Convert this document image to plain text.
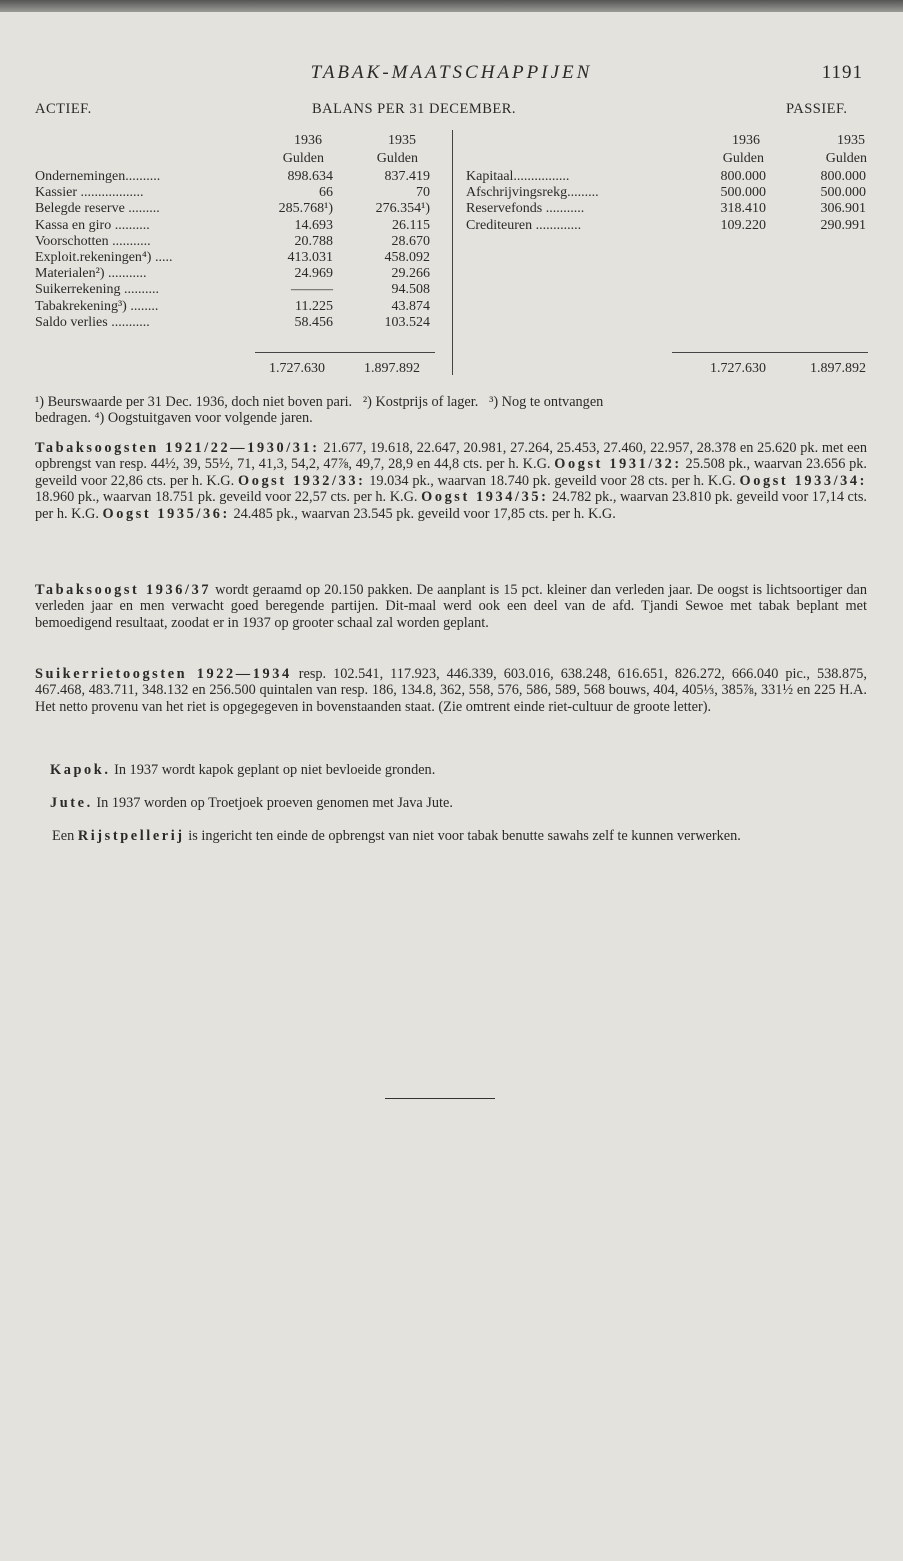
TABAK-MAATSCHAPPIJEN	1191
ACTIEF.	BALANS PER 31 DECEMBER.	PASSIEF.
1936	1935
Gulden	Gulden
1936	1935
Gulden	Gulden
Ondernemingen..........	898.634	837.419
Kassier ..................	66	70
Belegde reserve .........	285.768¹)	276.354¹)
Kassa en giro ..........	14.693	26.115
Voorschotten ...........	20.788	28.670
Exploit.rekeningen⁴) .....	413.031	458.092
Materialen²) ...........	24.969	29.266
Suikerrekening ..........	———	94.508
Tabakrekening³) ........	11.225	43.874
Saldo verlies ...........	58.456	103.524
Kapitaal................	800.000	800.000
Afschrijvingsrekg.........	500.000	500.000
Reservefonds ...........	318.410	306.901
Crediteuren .............	109.220	290.991
1.727.630	1.897.892	1.727.630	1.897.892
¹) Beurswaarde per 31 Dec. 1936, doch niet boven pari. ²) Kostprijs of lager. ³) Nog te ontvangen
bedragen. ⁴) Oogstuitgaven voor volgende jaren.
Tabaksoogsten 1921/22—1930/31: 21.677, 19.618, 22.647, 20.981, 27.264, 25.453, 27.460, 22.957, 28.378 en 25.620 pk. met een opbrengst van resp. 44½, 39, 55½, 71, 41,3, 54,2, 47⅞, 49,7, 28,9 en 44,8 cts. per h. K.G. Oogst 1931/32: 25.508 pk., waarvan 23.656 pk. geveild voor 22,86 cts. per h. K.G. Oogst 1932/33: 19.034 pk., waarvan 18.740 pk. geveild voor 28 cts. per h. K.G. Oogst 1933/34: 18.960 pk., waarvan 18.751 pk. geveild voor 22,57 cts. per h. K.G. Oogst 1934/35: 24.782 pk., waarvan 23.810 pk. geveild voor 17,14 cts. per h. K.G. Oogst 1935/36: 24.485 pk., waarvan 23.545 pk. geveild voor 17,85 cts. per h. K.G.
Tabaksoogst 1936/37 wordt geraamd op 20.150 pakken. De aanplant is 15 pct. kleiner dan verleden jaar. De oogst is lichtsoortiger dan verleden jaar en men verwacht goed beregende partijen. Dit-maal werd ook een deel van de afd. Tjandi Sewoe met tabak beplant met bemoedigend resultaat, zoodat er in 1937 op grooter schaal zal worden geplant.
Suikerrietoogsten 1922—1934 resp. 102.541, 117.923, 446.339, 603.016, 638.248, 616.651, 826.272, 666.040 pic., 538.875, 467.468, 483.711, 348.132 en 256.500 quintalen van resp. 186, 134.8, 362, 558, 576, 586, 589, 568 bouws, 404, 405⅓, 385⅞, 331½ en 225 H.A. Het netto provenu van het riet is opgegegeven in bovenstaanden staat. (Zie omtrent einde riet-cultuur de groote letter).
Kapok. In 1937 wordt kapok geplant op niet bevloeide gronden.
Jute. In 1937 worden op Troetjoek proeven genomen met Java Jute.
Een Rijstpellerij is ingericht ten einde de opbrengst van niet voor tabak benutte sawahs zelf te kunnen verwerken.
